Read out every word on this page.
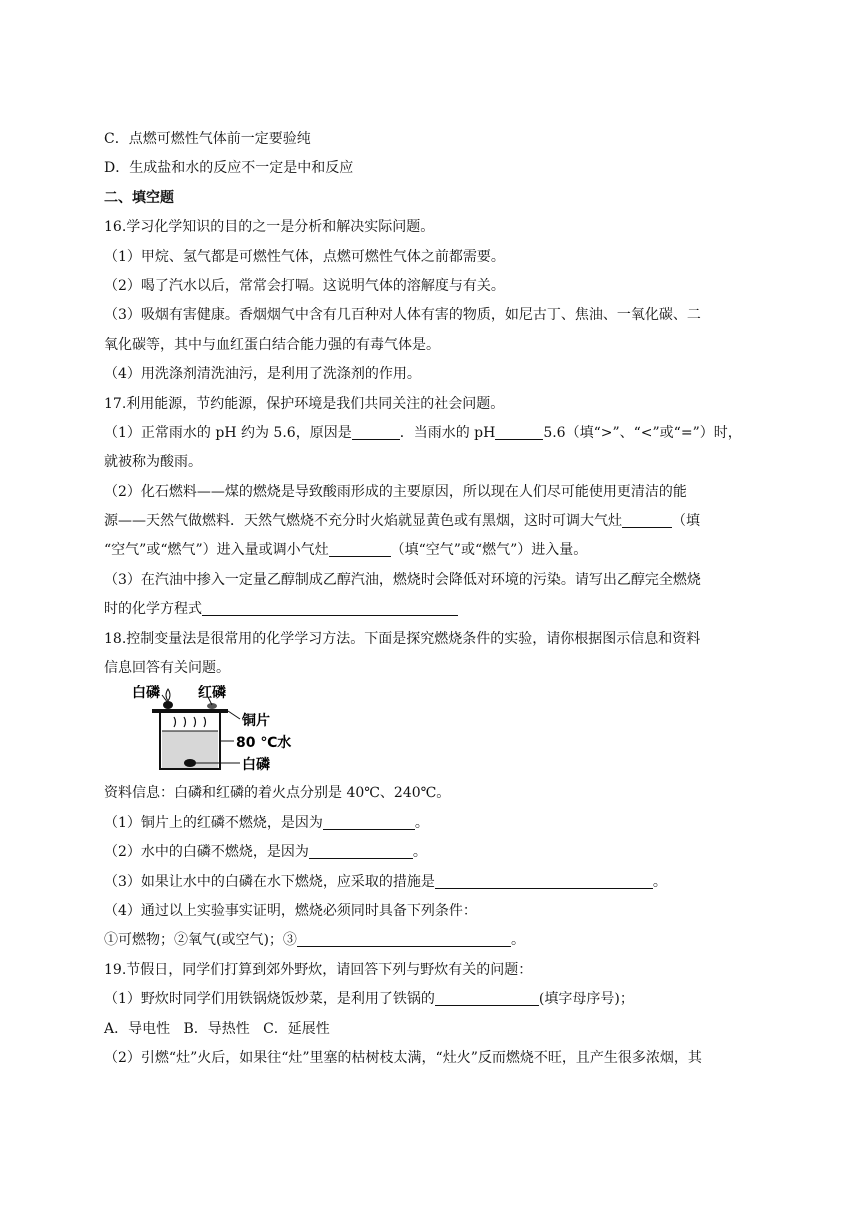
C．点燃可燃性气体前一定要验纯
D．生成盐和水的反应不一定是中和反应
二、填空题
16.学习化学知识的目的之一是分析和解决实际问题。
（1）甲烷、氢气都是可燃性气体，点燃可燃性气体之前都需要。
（2）喝了汽水以后，常常会打嗝。这说明气体的溶解度与有关。
（3）吸烟有害健康。香烟烟气中含有几百种对人体有害的物质，如尼古丁、焦油、一氧化碳、二
氧化碳等，其中与血红蛋白结合能力强的有毒气体是。
（4）用洗涤剂清洗油污，是利用了洗涤剂的作用。
17.利用能源，节约能源，保护环境是我们共同关注的社会问题。
（1）正常雨水的 pH 约为 5.6，原因是	．当雨水的 pH	5.6（填“>”、“<”或“=”）时，
就被称为酸雨。
（2）化石燃料——煤的燃烧是导致酸雨形成的主要原因，所以现在人们尽可能使用更清洁的能
源——天然气做燃料．天然气燃烧不充分时火焰就显黄色或有黑烟，这时可调大气灶	（填
“空气”或“燃气”）进入量或调小气灶	（填“空气”或“燃气”）进入量。
（3）在汽油中掺入一定量乙醇制成乙醇汽油，燃烧时会降低对环境的污染。请写出乙醇完全燃烧
时的化学方程式
18.控制变量法是很常用的化学学习方法。下面是探究燃烧条件的实验，请你根据图示信息和资料
信息回答有关问题。
白磷	红磷
铜片
80 ℃水
白磷
资料信息：白磷和红磷的着火点分别是 40℃、240℃。
（1）铜片上的红磷不燃烧，是因为	。
（2）水中的白磷不燃烧，是因为	。
（3）如果让水中的白磷在水下燃烧，应采取的措施是	。
（4）通过以上实验事实证明，燃烧必须同时具备下列条件：
①可燃物；②氧气(或空气)；③	。
19.节假日，同学们打算到郊外野炊，请回答下列与野炊有关的问题：
（1）野炊时同学们用铁锅烧饭炒菜，是利用了铁锅的	(填字母序号)；
A．导电性   B．导热性   C．延展性
（2）引燃“灶”火后，如果往“灶”里塞的枯树枝太满，“灶火”反而燃烧不旺，且产生很多浓烟，其
